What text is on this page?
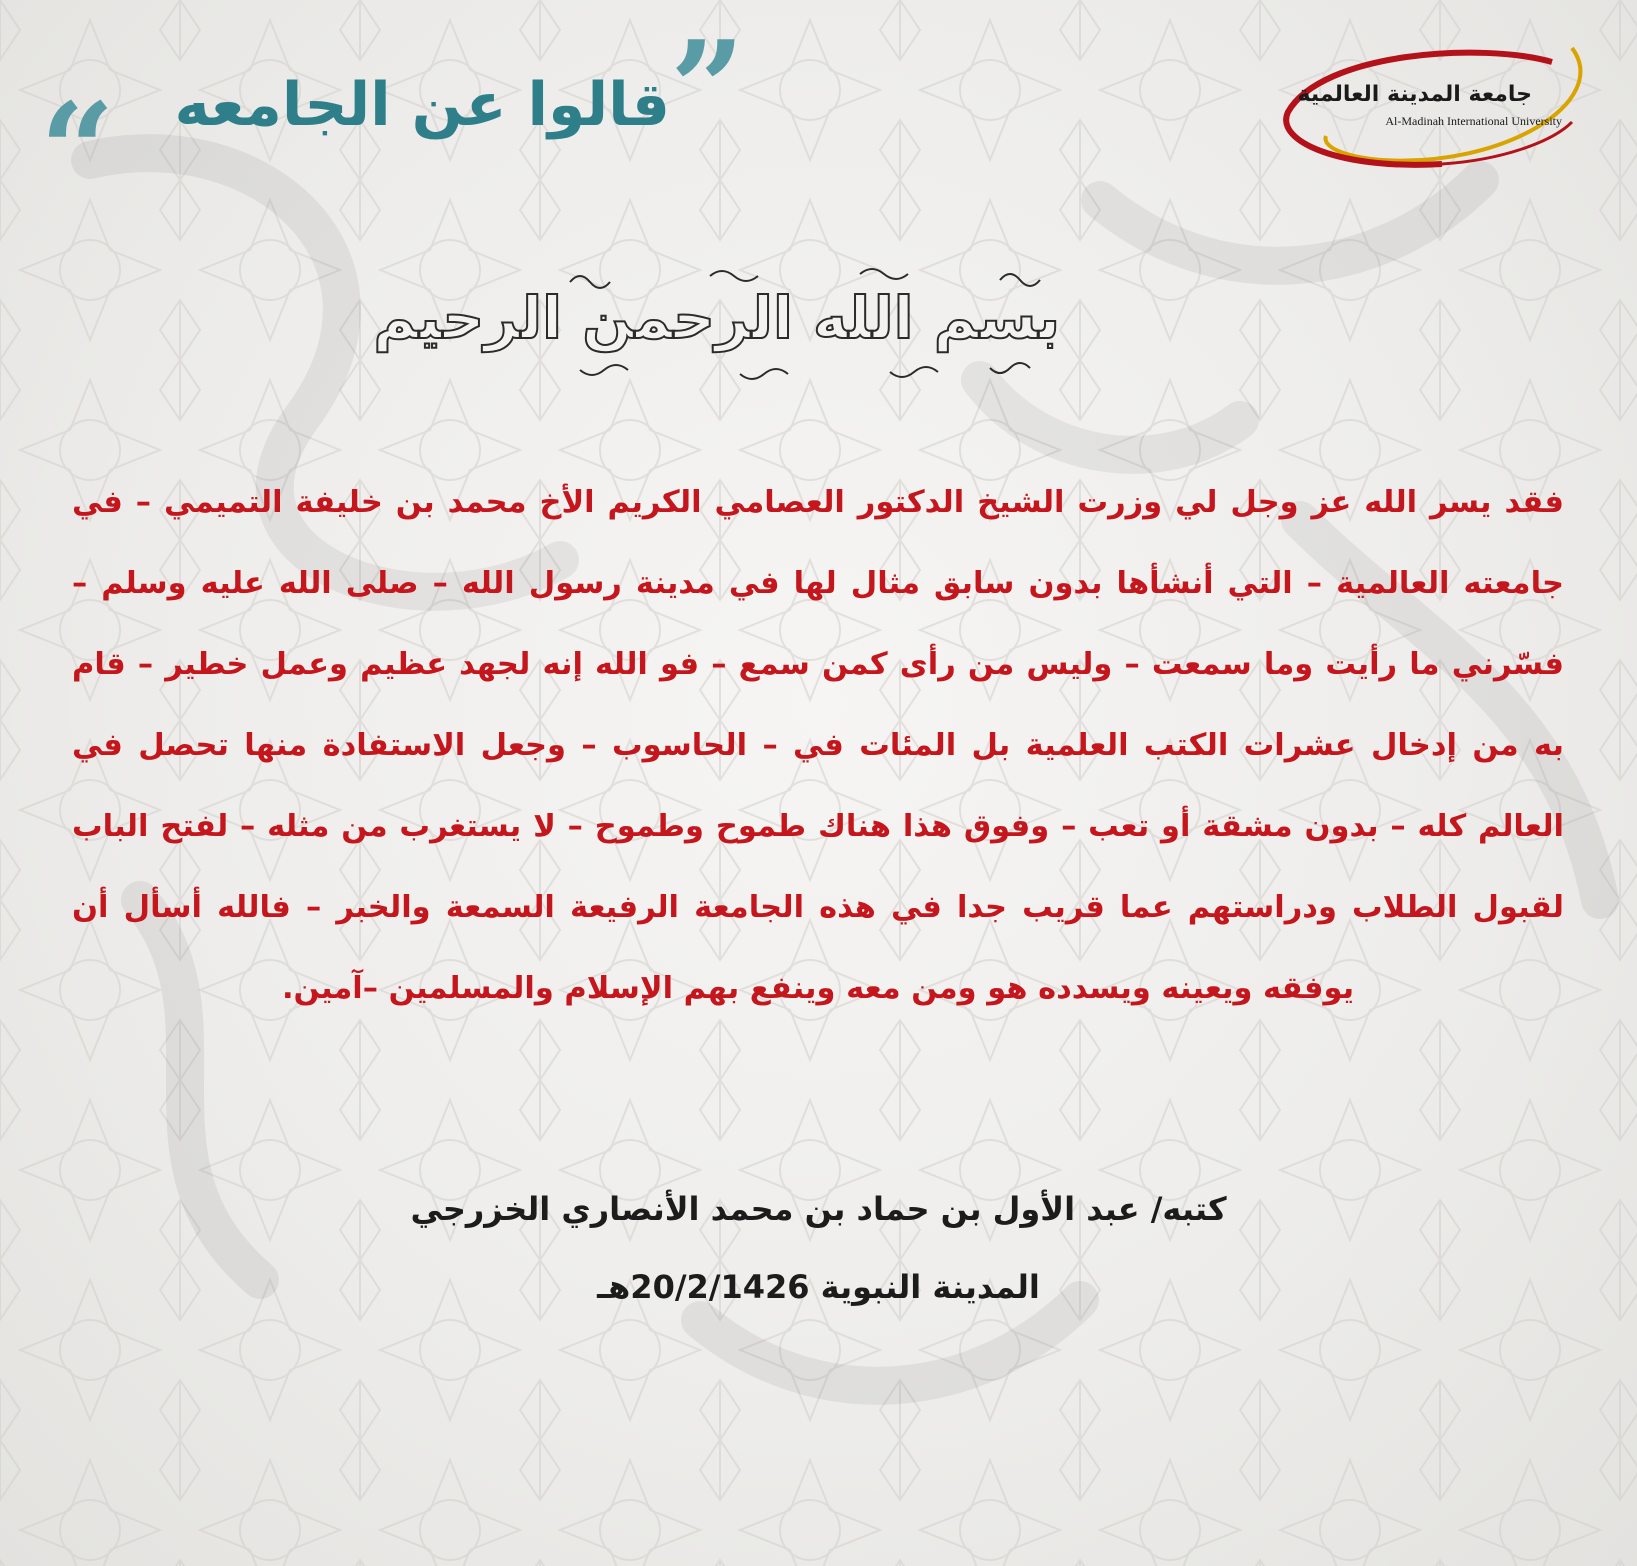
جامعة المدينة العالمية
Al-Madinah International University
“ قالوا عن الجامعه ”
بسم الله الرحمن الرحيم
فقد يسر الله عز وجل لي وزرت الشيخ الدكتور العصامي الكريم الأخ محمد بن خليفة التميمي – في جامعته العالمية – التي أنشأها بدون سابق مثال لها في مدينة رسول الله – صلى الله عليه وسلم – فسّرني ما رأيت وما سمعت – وليس من رأى كمن سمع – فو الله إنه لجهد عظيم وعمل خطير – قام به من إدخال عشرات الكتب العلمية بل المئات في – الحاسوب – وجعل الاستفادة منها تحصل في العالم كله – بدون مشقة أو تعب – وفوق هذا هناك طموح وطموح – لا يستغرب من مثله – لفتح الباب لقبول الطلاب ودراستهم عما قريب جدا في هذه الجامعة الرفيعة السمعة والخبر – فالله أسأل أن يوفقه ويعينه ويسدده هو ومن معه وينفع بهم الإسلام والمسلمين –آمين.
كتبه/ عبد الأول بن حماد بن محمد الأنصاري الخزرجي
المدينة النبوية 20/2/1426هـ
